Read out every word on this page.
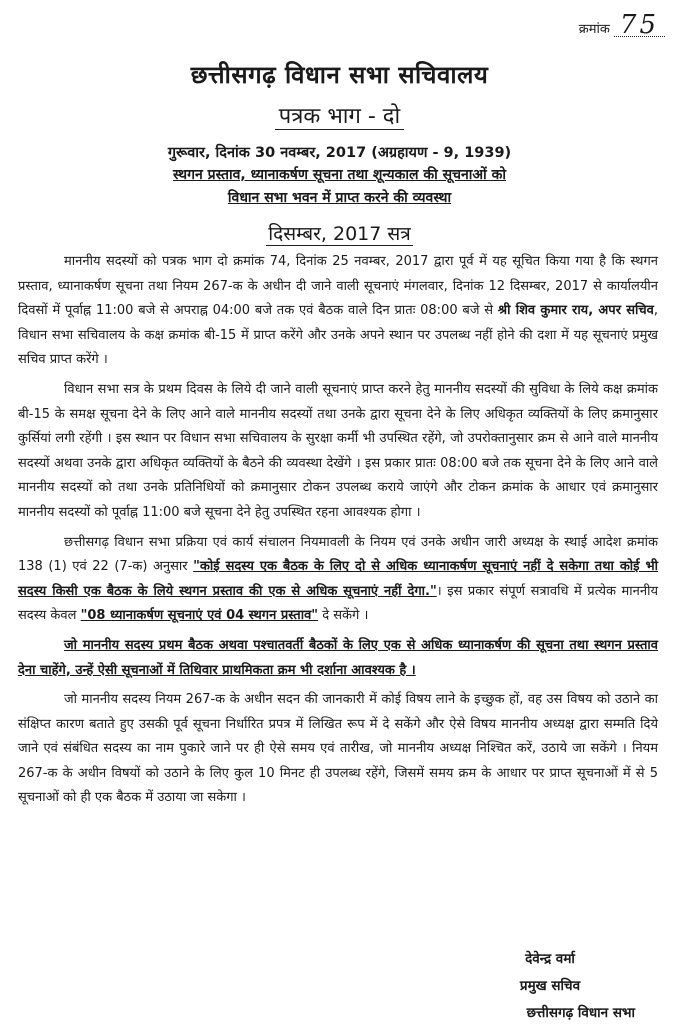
क्रमांक 75
छत्तीसगढ़ विधान सभा सचिवालय
पत्रक भाग - दो
गुरूवार, दिनांक 30 नवम्बर, 2017 (अग्रहायण - 9, 1939)
स्थगन प्रस्ताव, ध्यानाकर्षण सूचना तथा शून्यकाल की सूचनाओं को
विधान सभा भवन में प्राप्त करने की व्यवस्था
दिसम्बर, 2017 सत्र

माननीय सदस्यों को पत्रक भाग दो क्रमांक 74, दिनांक 25 नवम्बर, 2017 द्वारा पूर्व में यह सूचित किया गया है कि स्थगन प्रस्ताव, ध्यानाकर्षण सूचना तथा नियम 267-क के अधीन दी जाने वाली सूचनाएं मंगलवार, दिनांक 12 दिसम्बर, 2017 से कार्यालयीन दिवसों में पूर्वाह्न 11:00 बजे से अपराह्न 04:00 बजे तक एवं बैठक वाले दिन प्रातः 08:00 बजे से श्री शिव कुमार राय, अपर सचिव, विधान सभा सचिवालय के कक्ष क्रमांक बी-15 में प्राप्त करेंगे और उनके अपने स्थान पर उपलब्ध नहीं होने की दशा में यह सूचनाएं प्रमुख सचिव प्राप्त करेंगे ।

विधान सभा सत्र के प्रथम दिवस के लिये दी जाने वाली सूचनाएं प्राप्त करने हेतु माननीय सदस्यों की सुविधा के लिये कक्ष क्रमांक बी-15 के समक्ष सूचना देने के लिए आने वाले माननीय सदस्यों तथा उनके द्वारा सूचना देने के लिए अधिकृत व्यक्तियों के लिए क्रमानुसार कुर्सियां लगी रहेंगी । इस स्थान पर विधान सभा सचिवालय के सुरक्षा कर्मी भी उपस्थित रहेंगे, जो उपरोक्तानुसार क्रम से आने वाले माननीय सदस्यों अथवा उनके द्वारा अधिकृत व्यक्तियों के बैठने की व्यवस्था देखेंगे । इस प्रकार प्रातः 08:00 बजे तक सूचना देने के लिए आने वाले माननीय सदस्यों को तथा उनके प्रतिनिधियों को क्रमानुसार टोकन उपलब्ध कराये जाएंगे और टोकन क्रमांक के आधार एवं क्रमानुसार माननीय सदस्यों को पूर्वाह्न 11:00 बजे सूचना देने हेतु उपस्थित रहना आवश्यक होगा ।

छत्तीसगढ़ विधान सभा प्रक्रिया एवं कार्य संचालन नियमावली के नियम एवं उनके अधीन जारी अध्यक्ष के स्थाई आदेश क्रमांक 138 (1) एवं 22 (7-क) अनुसार "कोई सदस्य एक बैठक के लिए दो से अधिक ध्यानाकर्षण सूचनाएं नहीं दे सकेगा तथा कोई भी सदस्य किसी एक बैठक के लिये स्थगन प्रस्ताव की एक से अधिक सूचनाएं नहीं देगा."। इस प्रकार संपूर्ण सत्रावधि में प्रत्येक माननीय सदस्य केवल "08 ध्यानाकर्षण सूचनाएं एवं 04 स्थगन प्रस्ताव" दे सकेंगे ।

जो माननीय सदस्य प्रथम बैठक अथवा पश्चातवर्ती बैठकों के लिए एक से अधिक ध्यानाकर्षण की सूचना तथा स्थगन प्रस्ताव देना चाहेंगे, उन्हें ऐसी सूचनाओं में तिथिवार प्राथमिकता क्रम भी दर्शाना आवश्यक है ।

जो माननीय सदस्य नियम 267-क के अधीन सदन की जानकारी में कोई विषय लाने के इच्छुक हों, वह उस विषय को उठाने का संक्षिप्त कारण बताते हुए उसकी पूर्व सूचना निर्धारित प्रपत्र में लिखित रूप में दे सकेंगे और ऐसे विषय माननीय अध्यक्ष द्वारा सम्मति दिये जाने एवं संबंधित सदस्य का नाम पुकारे जाने पर ही ऐसे समय एवं तारीख, जो माननीय अध्यक्ष निश्चित करें, उठाये जा सकेंगे । नियम 267-क के अधीन विषयों को उठाने के लिए कुल 10 मिनट ही उपलब्ध रहेंगे, जिसमें समय क्रम के आधार पर प्राप्त सूचनाओं में से 5 सूचनाओं को ही एक बैठक में उठाया जा सकेगा ।

देवेन्द्र वर्मा
प्रमुख सचिव
छत्तीसगढ़ विधान सभा
